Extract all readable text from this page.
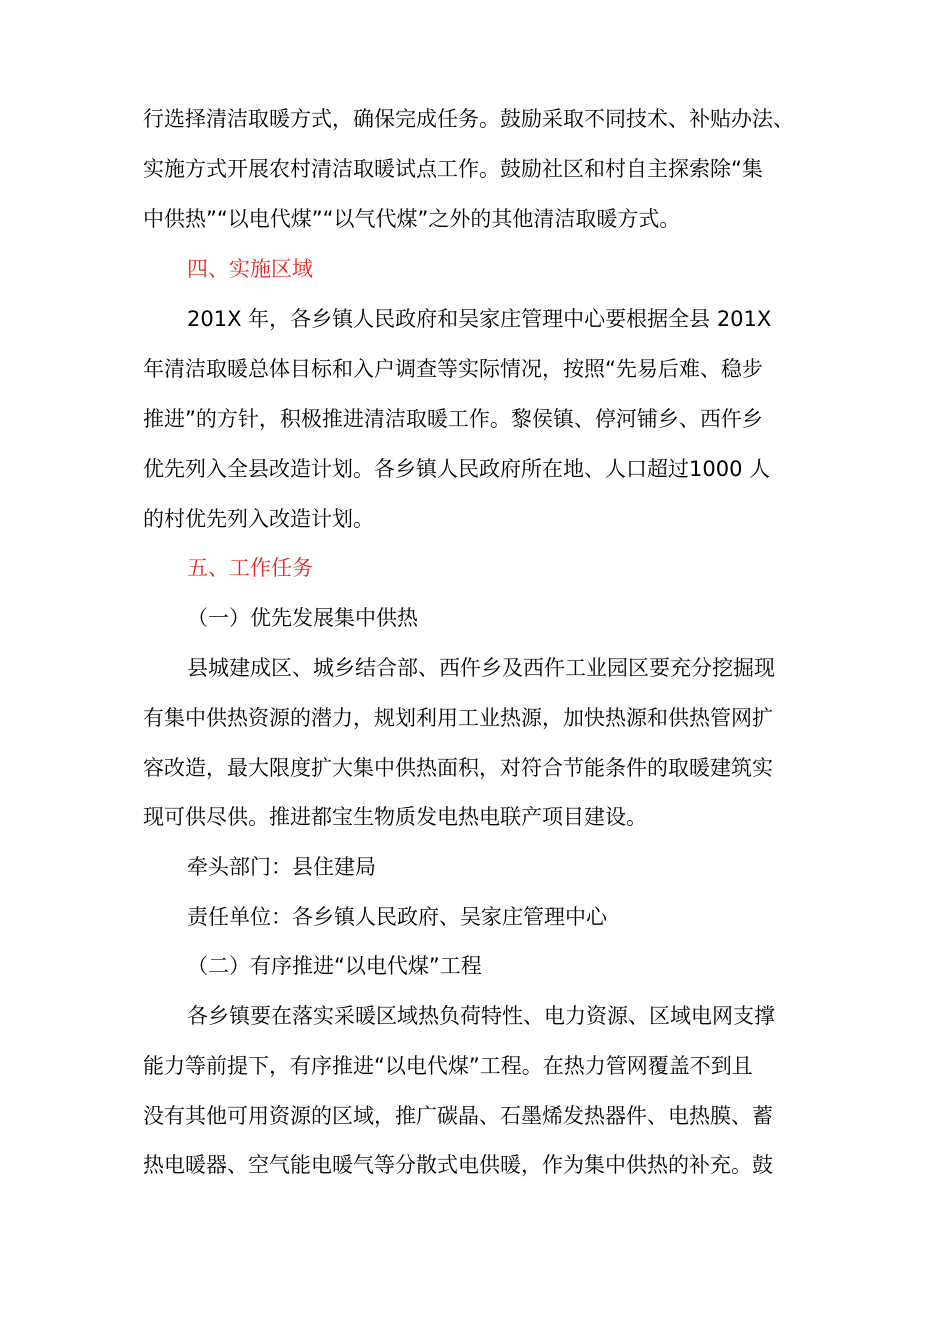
行选择清洁取暖方式，确保完成任务。鼓励采取不同技术、补贴办法、
实施方式开展农村清洁取暖试点工作。鼓励社区和村自主探索除“集
中供热”“以电代煤”“以气代煤”之外的其他清洁取暖方式。
四、实施区域
201X 年，各乡镇人民政府和吴家庄管理中心要根据全县 201X
年清洁取暖总体目标和入户调查等实际情况，按照“先易后难、稳步
推进”的方针，积极推进清洁取暖工作。黎侯镇、停河铺乡、西仵乡
优先列入全县改造计划。各乡镇人民政府所在地、人口超过1000 人
的村优先列入改造计划。
五、工作任务
（一）优先发展集中供热
县城建成区、城乡结合部、西仵乡及西仵工业园区要充分挖掘现
有集中供热资源的潜力，规划利用工业热源，加快热源和供热管网扩
容改造，最大限度扩大集中供热面积，对符合节能条件的取暖建筑实
现可供尽供。推进都宝生物质发电热电联产项目建设。
牵头部门：县住建局
责任单位：各乡镇人民政府、吴家庄管理中心
（二）有序推进“以电代煤”工程
各乡镇要在落实采暖区域热负荷特性、电力资源、区域电网支撑
能力等前提下，有序推进“以电代煤”工程。在热力管网覆盖不到且
没有其他可用资源的区域，推广碳晶、石墨烯发热器件、电热膜、蓄
热电暖器、空气能电暖气等分散式电供暖，作为集中供热的补充。鼓
